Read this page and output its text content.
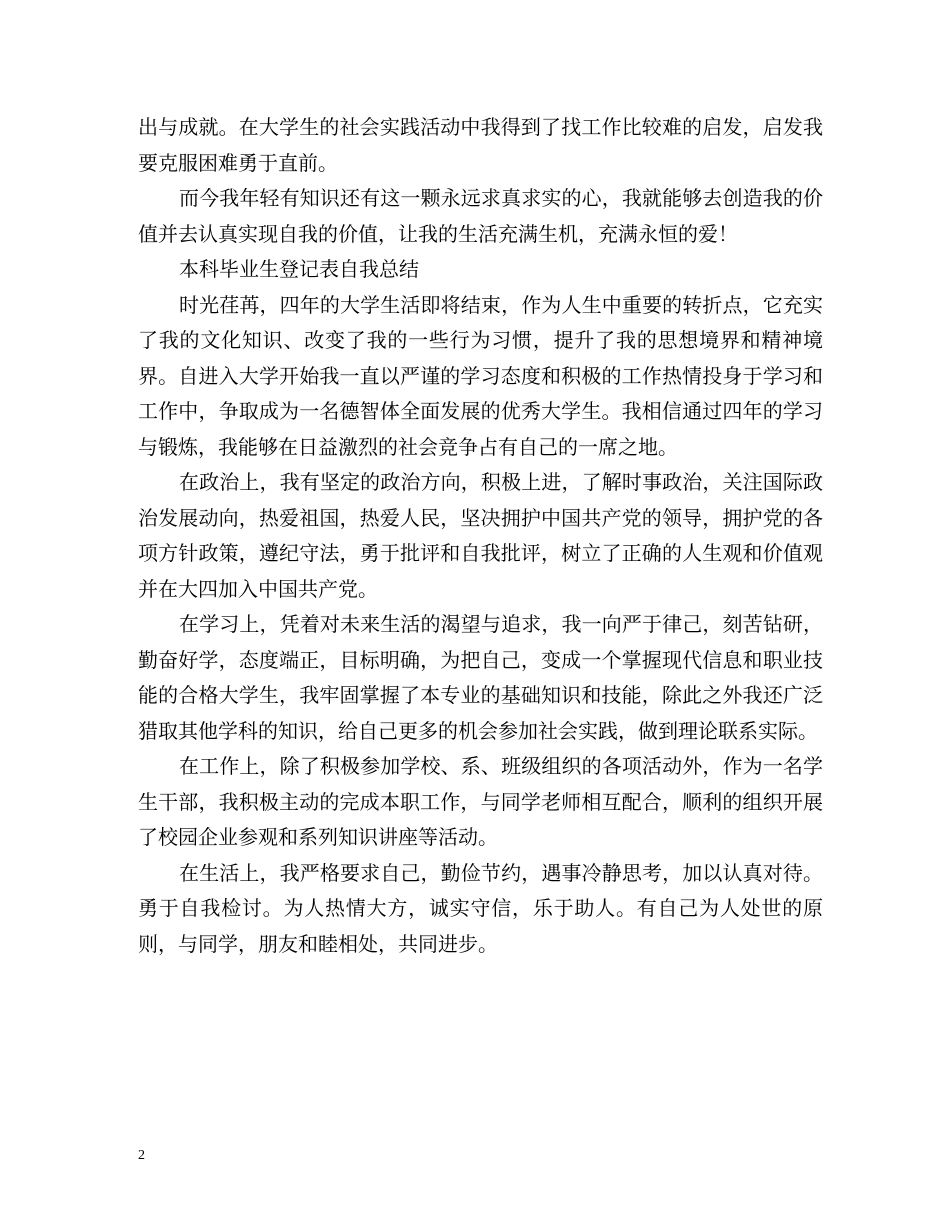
出与成就。在大学生的社会实践活动中我得到了找工作比较难的启发，启发我要克服困难勇于直前。

而今我年轻有知识还有这一颗永远求真求实的心，我就能够去创造我的价值并去认真实现自我的价值，让我的生活充满生机，充满永恒的爱！

本科毕业生登记表自我总结

时光荏苒，四年的大学生活即将结束，作为人生中重要的转折点，它充实了我的文化知识、改变了我的一些行为习惯，提升了我的思想境界和精神境界。自进入大学开始我一直以严谨的学习态度和积极的工作热情投身于学习和工作中，争取成为一名德智体全面发展的优秀大学生。我相信通过四年的学习与锻炼，我能够在日益激烈的社会竞争占有自己的一席之地。

在政治上，我有坚定的政治方向，积极上进，了解时事政治，关注国际政治发展动向，热爱祖国，热爱人民，坚决拥护中国共产党的领导，拥护党的各项方针政策，遵纪守法，勇于批评和自我批评，树立了正确的人生观和价值观并在大四加入中国共产党。

在学习上，凭着对未来生活的渴望与追求，我一向严于律己，刻苦钻研，勤奋好学，态度端正，目标明确，为把自己，变成一个掌握现代信息和职业技能的合格大学生，我牢固掌握了本专业的基础知识和技能，除此之外我还广泛猎取其他学科的知识，给自己更多的机会参加社会实践，做到理论联系实际。

在工作上，除了积极参加学校、系、班级组织的各项活动外，作为一名学生干部，我积极主动的完成本职工作，与同学老师相互配合，顺利的组织开展了校园企业参观和系列知识讲座等活动。

在生活上，我严格要求自己，勤俭节约，遇事冷静思考，加以认真对待。勇于自我检讨。为人热情大方，诚实守信，乐于助人。有自己为人处世的原则，与同学，朋友和睦相处，共同进步。

2
